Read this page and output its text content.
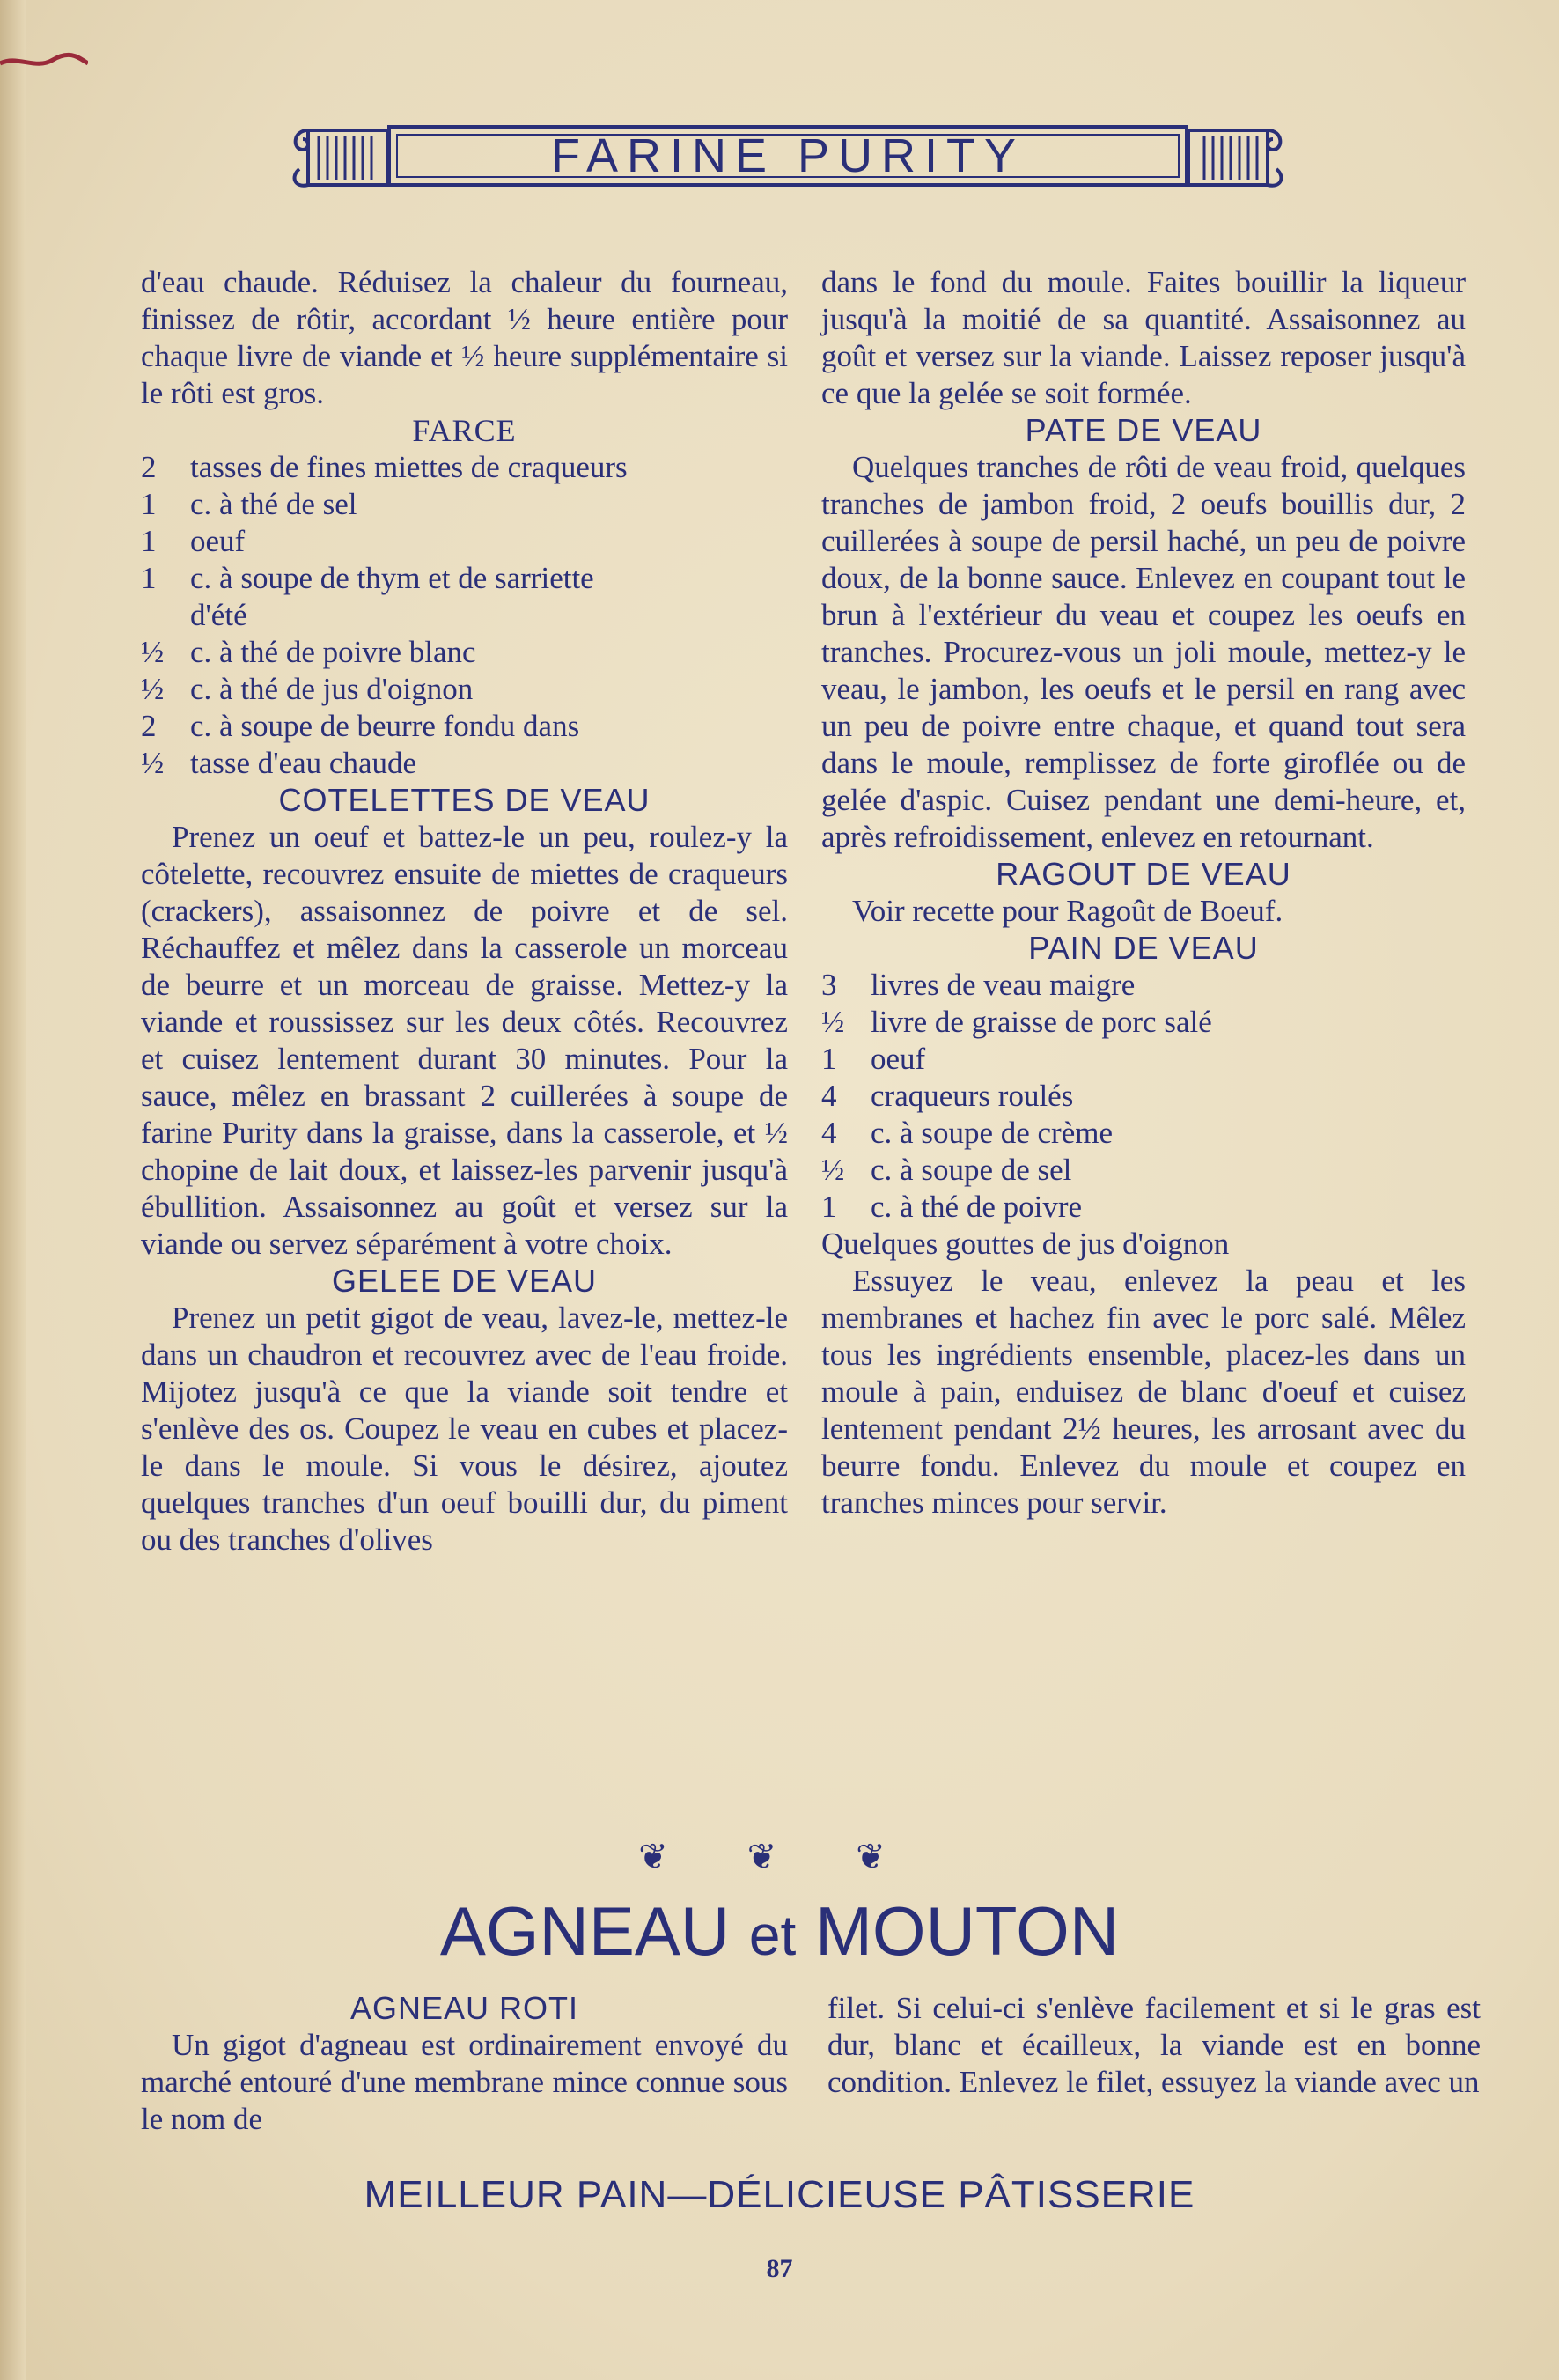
FARINE PURITY

d'eau chaude. Réduisez la chaleur du fourneau, finissez de rôtir, accordant ½ heure entière pour chaque livre de viande et ½ heure supplémentaire si le rôti est gros.

FARCE
2	tasses de fines miettes de craqueurs
1	c. à thé de sel
1	oeuf
1	c. à soupe de thym et de sarriette
d'été
½ c. à thé de poivre blanc
½ c. à thé de jus d'oignon
2	c. à soupe de beurre fondu dans
½ tasse d'eau chaude
COTELETTES DE VEAU

Prenez un oeuf et battez-le un peu, roulez-y la côtelette, recouvrez ensuite de miettes de craqueurs (crackers), assaisonnez de poivre et de sel. Réchauffez et mêlez dans la casserole un morceau de beurre et un morceau de graisse. Mettez-y la viande et roussissez sur les deux côtés. Recouvrez et cuisez lentement durant 30 minutes. Pour la sauce, mêlez en brassant 2 cuillerées à soupe de farine Purity dans la graisse, dans la casserole, et ½ chopine de lait doux, et laissez-les parvenir jusqu'à ébullition. Assaisonnez au goût et versez sur la viande ou servez séparément à votre choix.

GELEE DE VEAU

Prenez un petit gigot de veau, lavez-le, mettez-le dans un chaudron et recouvrez avec de l'eau froide. Mijotez jusqu'à ce que la viande soit tendre et s'enlève des os. Coupez le veau en cubes et placez-le dans le moule. Si vous le désirez, ajoutez quelques tranches d'un oeuf bouilli dur, du piment ou des tranches d'olives

dans le fond du moule. Faites bouillir la liqueur jusqu'à la moitié de sa quantité. Assaisonnez au goût et versez sur la viande. Laissez reposer jusqu'à ce que la gelée se soit formée.

PATE DE VEAU

Quelques tranches de rôti de veau froid, quelques tranches de jambon froid, 2 oeufs bouillis dur, 2 cuillerées à soupe de persil haché, un peu de poivre doux, de la bonne sauce. Enlevez en coupant tout le brun à l'extérieur du veau et coupez les oeufs en tranches. Procurez-vous un joli moule, mettez-y le veau, le jambon, les oeufs et le persil en rang avec un peu de poivre entre chaque, et quand tout sera dans le moule, remplissez de forte giroflée ou de gelée d'aspic. Cuisez pendant une demi-heure, et, après refroidissement, enlevez en retournant.

RAGOUT DE VEAU

Voir recette pour Ragoût de Boeuf.

PAIN DE VEAU
3	livres de veau maigre
½ livre de graisse de porc salé
1	oeuf
4	craqueurs roulés
4	c. à soupe de crème
½ c. à soupe de sel
1	c. à thé de poivre

Quelques gouttes de jus d'oignon

Essuyez le veau, enlevez la peau et les membranes et hachez fin avec le porc salé. Mêlez tous les ingrédients ensemble, placez-les dans un moule à pain, enduisez de blanc d'oeuf et cuisez lentement pendant 2½ heures, les arrosant avec du beurre fondu. Enlevez du moule et coupez en tranches minces pour servir.

❦ ❦ ❦
AGNEAU et MOUTON
AGNEAU ROTI

Un gigot d'agneau est ordinairement envoyé du marché entouré d'une membrane mince connue sous le nom de

filet. Si celui-ci s'enlève facilement et si le gras est dur, blanc et écailleux, la viande est en bonne condition. Enlevez le filet, essuyez la viande avec un

MEILLEUR PAIN—DÉLICIEUSE PÂTISSERIE
87
